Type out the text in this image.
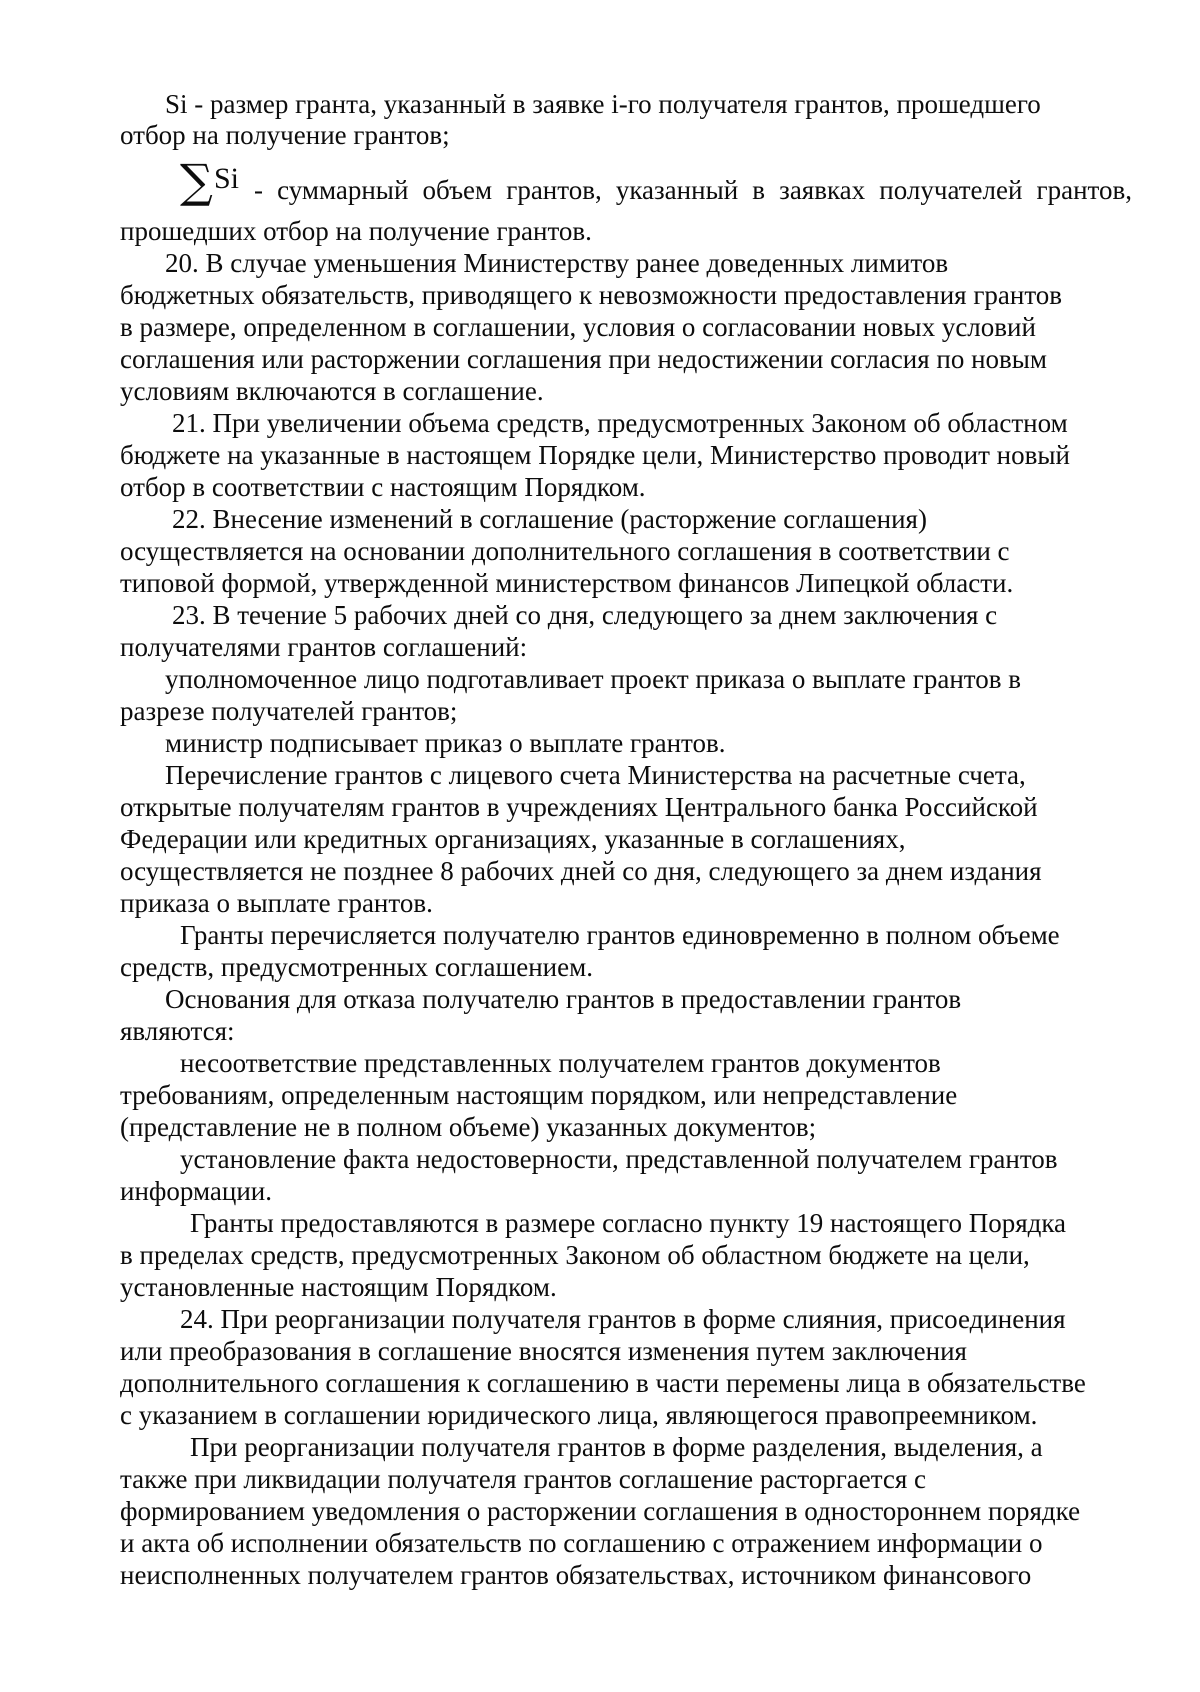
Si - размер гранта, указанный в заявке i-го получателя грантов, прошедшего
отбор на получение грантов;
∑ Si - суммарный объем грантов, указанный в заявках получателей грантов,
прошедших отбор на получение грантов.
20. В случае уменьшения Министерству ранее доведенных лимитов
бюджетных обязательств, приводящего к невозможности предоставления грантов
в размере, определенном в соглашении, условия о согласовании новых условий
соглашения или расторжении соглашения при недостижении согласия по новым
условиям включаются в соглашение.
21. При увеличении объема средств, предусмотренных Законом об областном
бюджете на указанные в настоящем Порядке цели, Министерство проводит новый
отбор в соответствии с настоящим Порядком.
22. Внесение изменений в соглашение (расторжение соглашения)
осуществляется на основании дополнительного соглашения в соответствии с
типовой формой, утвержденной министерством финансов Липецкой области.
23. В течение 5 рабочих дней со дня, следующего за днем заключения с
получателями грантов соглашений:
уполномоченное лицо подготавливает проект приказа о выплате грантов в
разрезе получателей грантов;
министр подписывает приказ о выплате грантов.
Перечисление грантов с лицевого счета Министерства на расчетные счета,
открытые получателям грантов в учреждениях Центрального банка Российской
Федерации или кредитных организациях, указанные в соглашениях,
осуществляется не позднее 8 рабочих дней со дня, следующего за днем издания
приказа о выплате грантов.
Гранты перечисляется получателю грантов единовременно в полном объеме
средств, предусмотренных соглашением.
Основания для отказа получателю грантов в предоставлении грантов
являются:
несоответствие представленных получателем грантов документов
требованиям, определенным настоящим порядком, или непредставление
(представление не в полном объеме) указанных документов;
установление факта недостоверности, представленной получателем грантов
информации.
Гранты предоставляются в размере согласно пункту 19 настоящего Порядка
в пределах средств, предусмотренных Законом об областном бюджете на цели,
установленные настоящим Порядком.
24. При реорганизации получателя грантов в форме слияния, присоединения
или преобразования в соглашение вносятся изменения путем заключения
дополнительного соглашения к соглашению в части перемены лица в обязательстве
с указанием в соглашении юридического лица, являющегося правопреемником.
При реорганизации получателя грантов в форме разделения, выделения, а
также при ликвидации получателя грантов соглашение расторгается с
формированием уведомления о расторжении соглашения в одностороннем порядке
и акта об исполнении обязательств по соглашению с отражением информации о
неисполненных получателем грантов обязательствах, источником финансового
